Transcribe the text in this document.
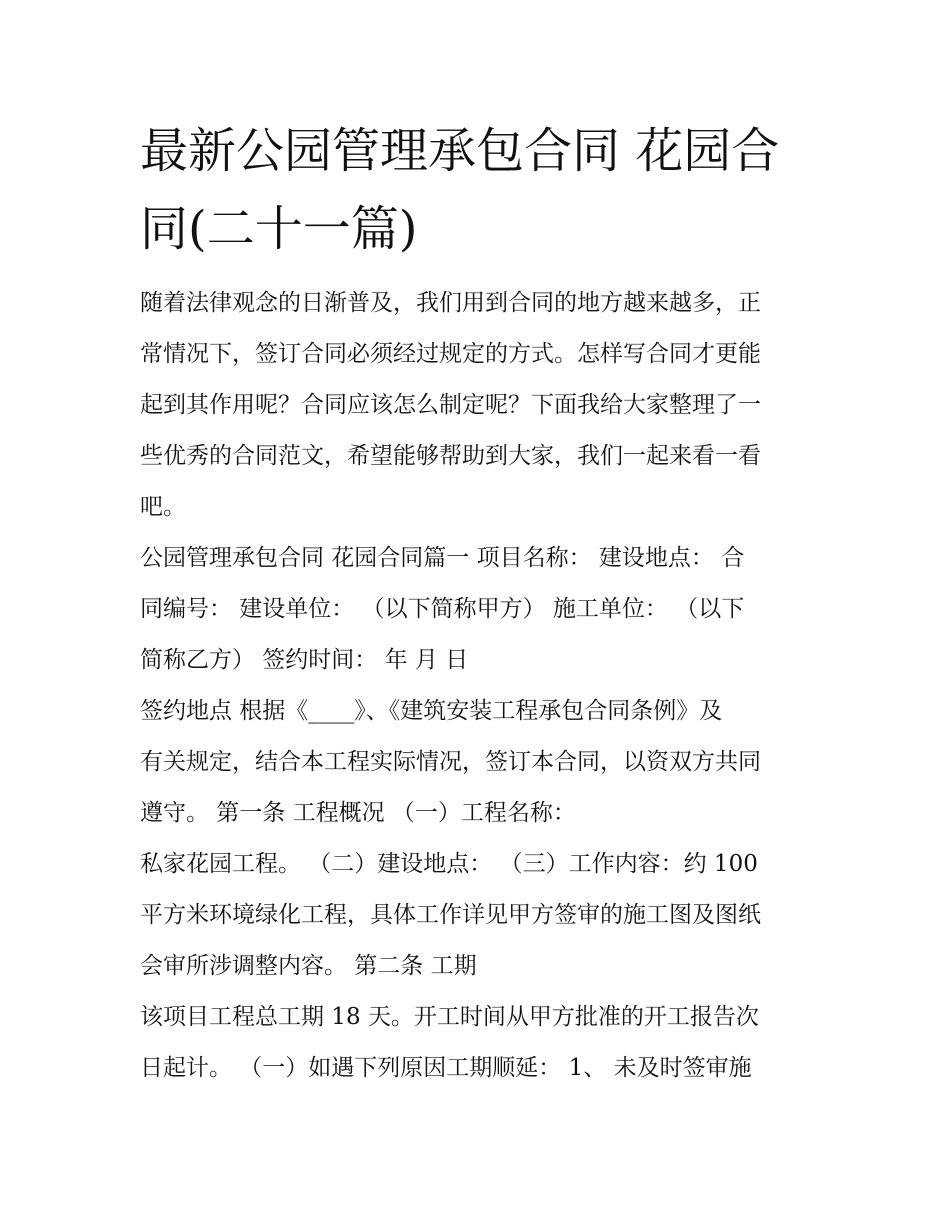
最新公园管理承包合同 花园合
同(二十一篇)

随着法律观念的日渐普及，我们用到合同的地方越来越多，正
常情况下，签订合同必须经过规定的方式。怎样写合同才更能
起到其作用呢？合同应该怎么制定呢？下面我给大家整理了一
些优秀的合同范文，希望能够帮助到大家，我们一起来看一看
吧。

公园管理承包合同 花园合同篇一 项目名称： 建设地点： 合
同编号： 建设单位： （以下简称甲方） 施工单位： （以下
简称乙方） 签约时间： 年 月 日

签约地点 根据《____》、《建筑安装工程承包合同条例》及
有关规定，结合本工程实际情况，签订本合同，以资双方共同
遵守。 第一条 工程概况 （一）工程名称：

私家花园工程。 （二）建设地点： （三）工作内容：约 100
平方米环境绿化工程，具体工作详见甲方签审的施工图及图纸
会审所涉调整内容。 第二条 工期

该项目工程总工期 18 天。开工时间从甲方批准的开工报告次
日起计。 （一）如遇下列原因工期顺延： 1、 未及时签审施
